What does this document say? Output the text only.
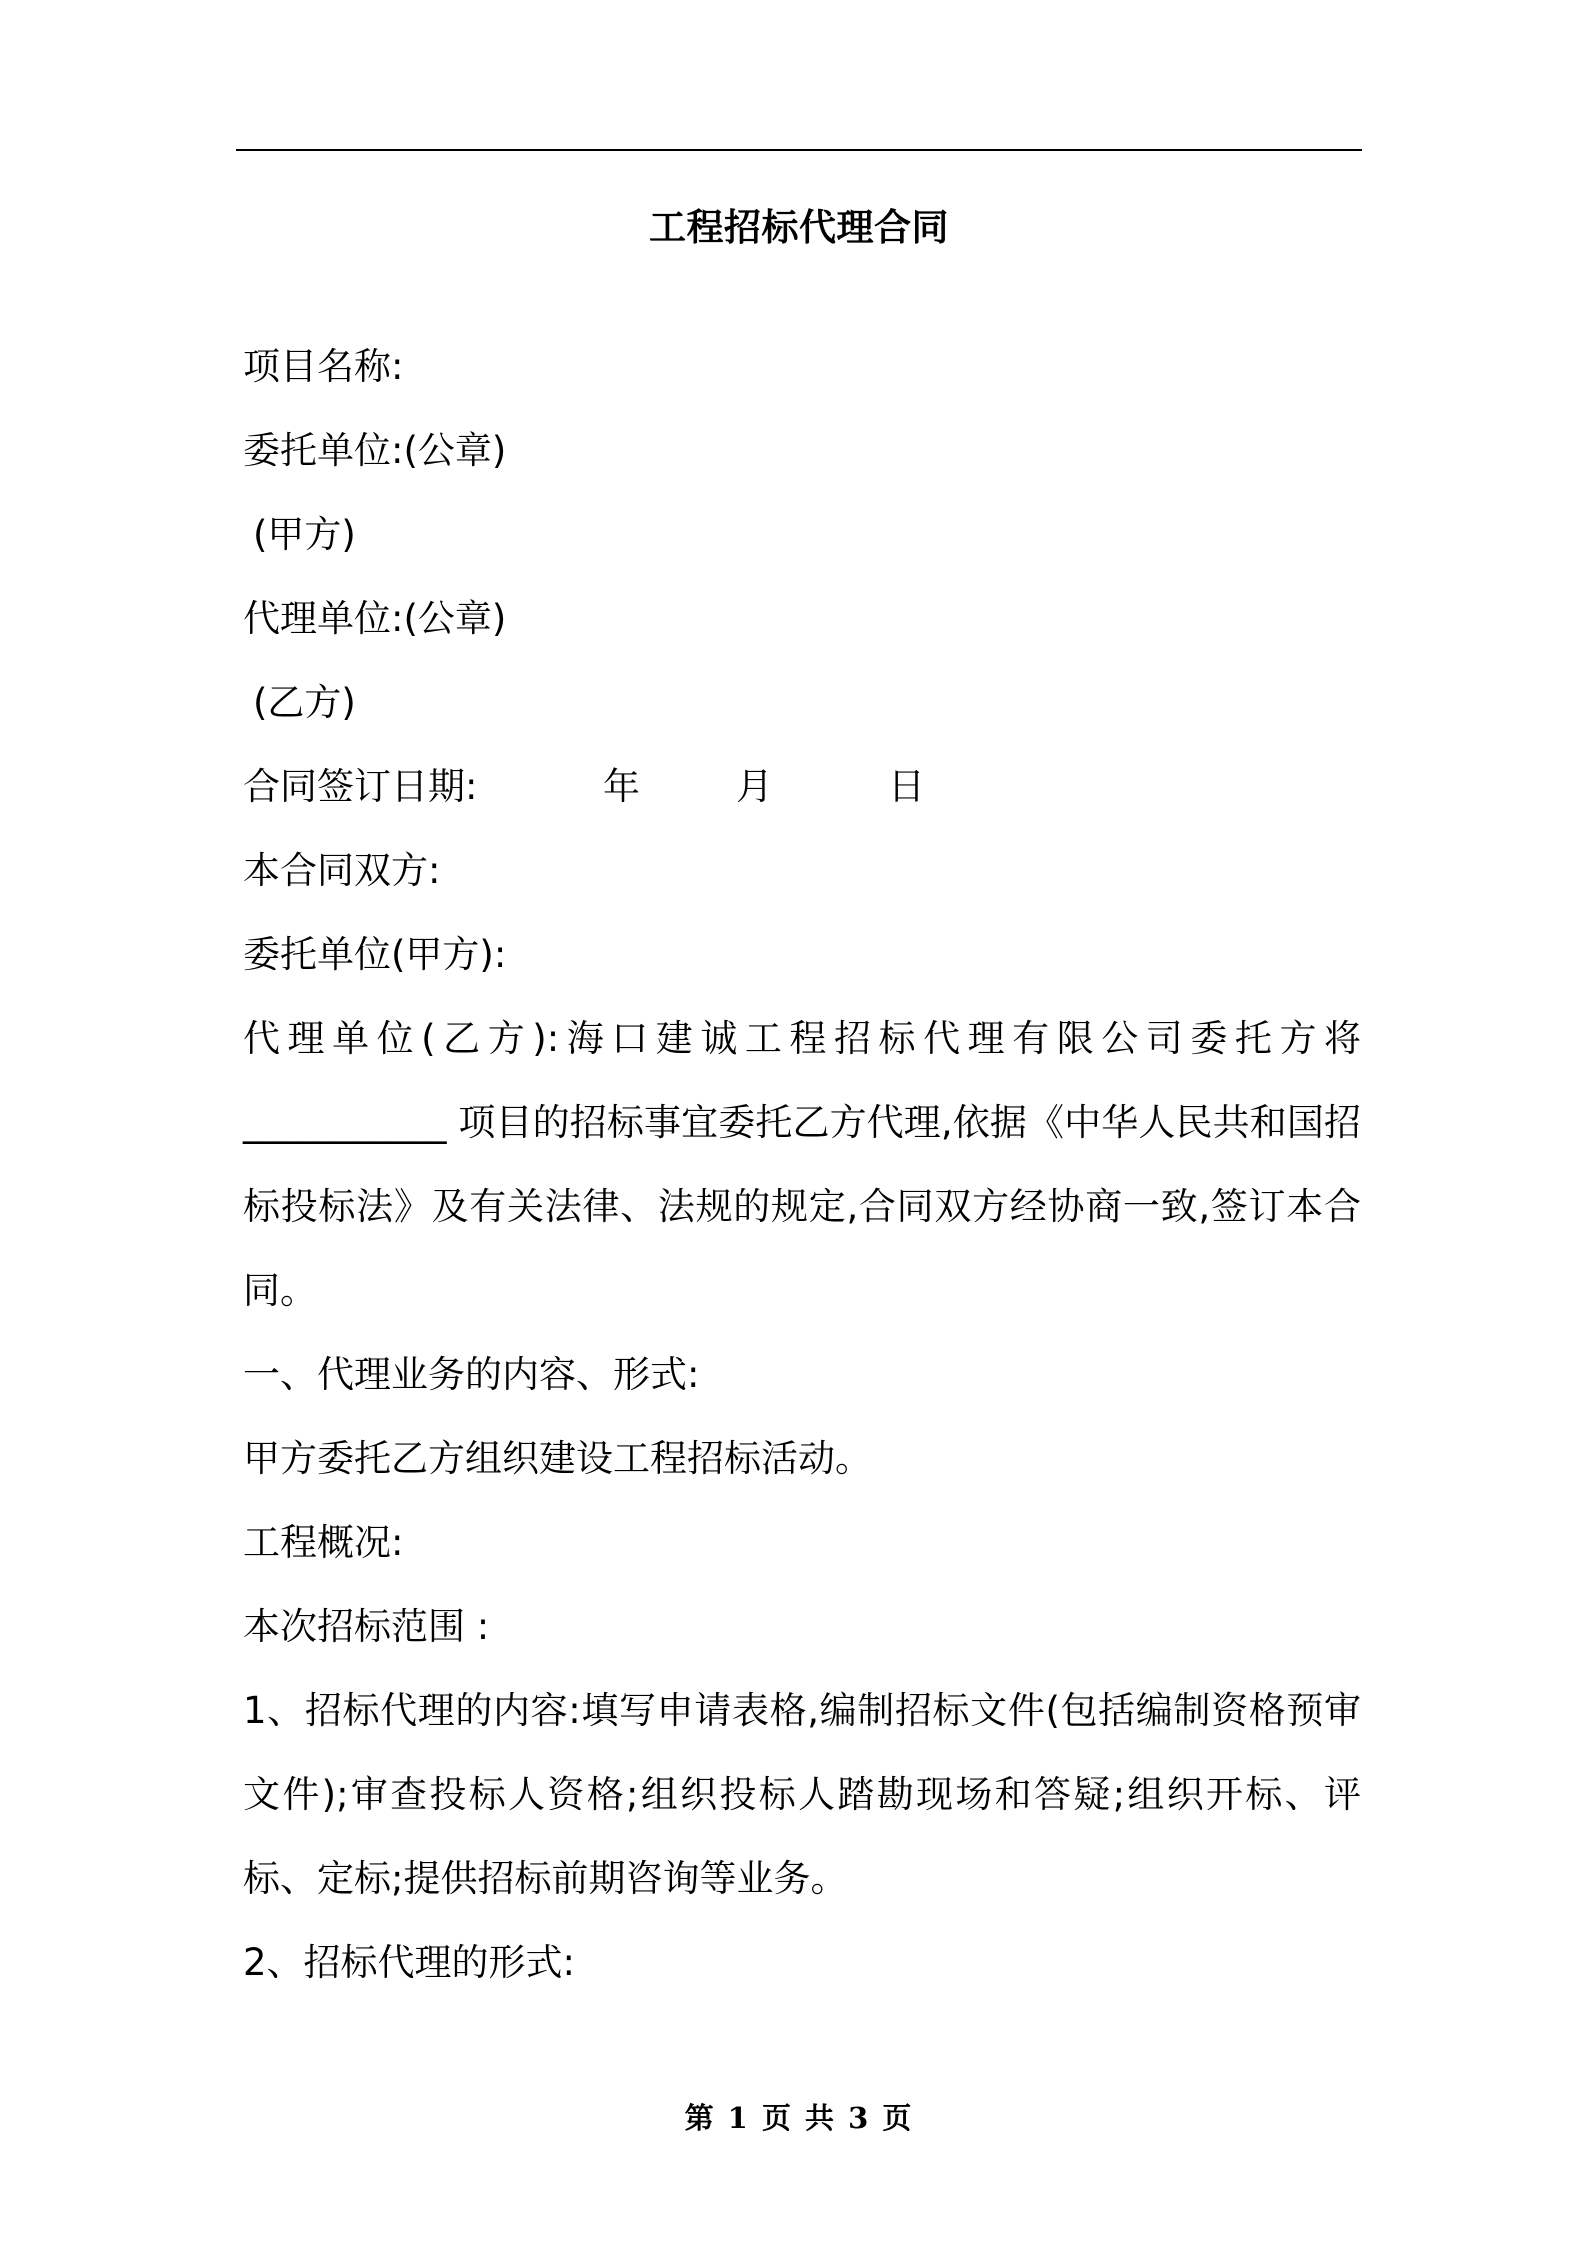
工程招标代理合同

项目名称:

委托单位:(公章)

(甲方)

代理单位:(公章)

(乙方)

合同签订日期:	年	月	日

本合同双方:

委托单位(甲方):

代理单位(乙方):海口建诚工程招标代理有限公司委托方将___________ 项目的招标事宜委托乙方代理,依据《中华人民共和国招标投标法》及有关法律、法规的规定,合同双方经协商一致,签订本合同。

一、代理业务的内容、形式:

甲方委托乙方组织建设工程招标活动。

工程概况:

本次招标范围 :

1、招标代理的内容:填写申请表格,编制招标文件(包括编制资格预审文件);审查投标人资格;组织投标人踏勘现场和答疑;组织开标、评标、定标;提供招标前期咨询等业务。

2、招标代理的形式:

第 1 页 共 3 页
